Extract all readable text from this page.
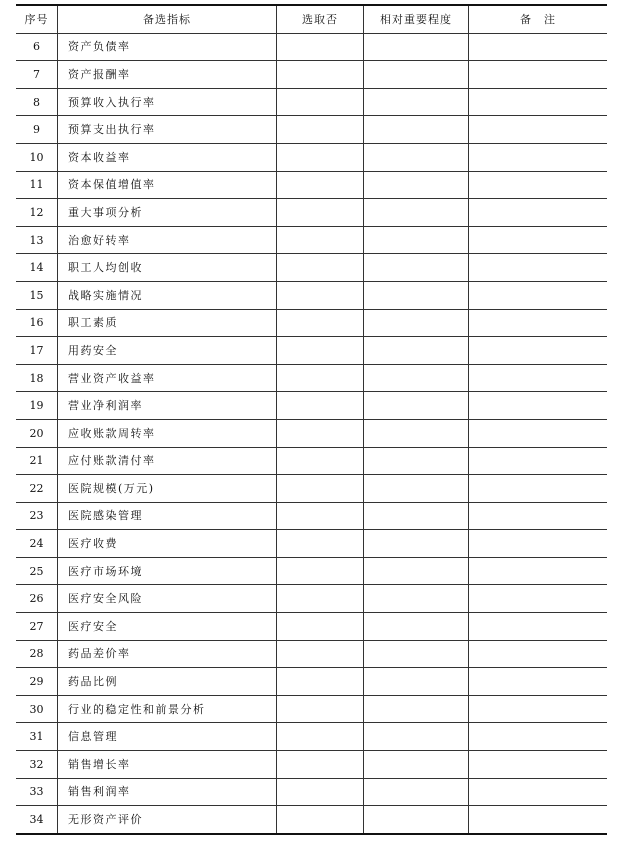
序号	备选指标	选取否	相对重要程度	备　注
6	资产负债率			
7	资产报酬率			
8	预算收入执行率			
9	预算支出执行率			
10	资本收益率			
11	资本保值增值率			
12	重大事项分析			
13	治愈好转率			
14	职工人均创收			
15	战略实施情况			
16	职工素质			
17	用药安全			
18	营业资产收益率			
19	营业净利润率			
20	应收账款周转率			
21	应付账款清付率			
22	医院规模(万元)			
23	医院感染管理			
24	医疗收费			
25	医疗市场环境			
26	医疗安全风险			
27	医疗安全			
28	药品差价率			
29	药品比例			
30	行业的稳定性和前景分析			
31	信息管理			
32	销售增长率			
33	销售利润率			
34	无形资产评价			
